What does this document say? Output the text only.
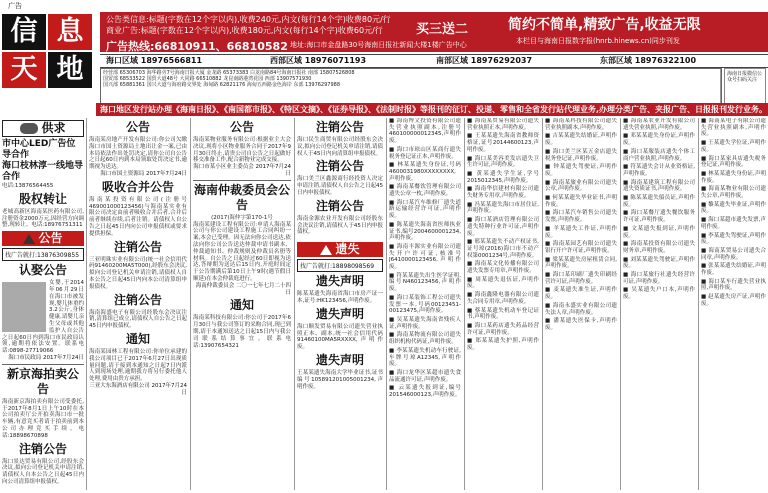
广告
信 息
天 地
公告类信息:标题(字数在12个字以内),收费240元,内文(每行14个字)收费80元/行
商业广告:标题(字数在12个字以内),收费180元,内文(每行14个字)收费60元/行
广告热线:66810911、66810582 地址:海口市金盘路30号海南日报社新闻大楼1楼广告中心
买三送二	简约不简单,精致广告,收益无限
本栏目与海南日报数字报(hnrb.hinews.cn)同步刊发
海口区域 18976566811	西部区域 18976071193	南部区域 18976292037	东部区域 18976322100
经营部 65306703 海华路旁7号海南日报大厦 金龙路 65373383 白龙南路84号海南日报社 南部 15807526808
国贸部 68533522 国贸大道48号 大同路 66510882 龙昆南路港湾花园 西部 13907571930
国兴部 65881361 国兴大道与海府路交界处 海甸路 62821176 海甸五西路金色海岸 东部 13976297988
海南日报微信公众号扫码关注
海口地区发行站办理《海南日报》、《南国都市报》、《特区文摘》、《证券导报》、《法制时报》等报刊的征订、投递、零售和全省发行站代理业务,办理分类广告、夹报广告、日报报刊发行业务。
供求
市中心LED广告位导合作
海口枝林淳一线地导合作
电话:13876564455
股权转让
老城高新区海南某医药有限公司,注册资金2000万元,因经营方向调整,现转让。电话:18976751311
公告
找广告就打:13876309855
认娶公告
女婴,于2014年06月29日在海口市被发现,婴儿体重约3.2公斤,身体健康,请婴儿亲生父母或其他监护人自公告之日起60日内到海口市民政局认领,逾期将依法安置。联系电话:0898-27719066
海口市民政局 2017年7月24日
新京海拍卖公告
海南新京海拍卖有限公司受委托,于2017年8月1日上午10时在本公司拍卖厅公开拍卖海口市一批车辆,有意竞买者请于拍卖前到本公司办理竞买手续。电话:18898670898
注销公告
海口景达贸易有限公司,经股东会决议,拟向公司登记机关申请注销,请债权人自本公告之日起45日内向公司清算组申报债权。
公告
海南某房地产开发有限公司:你公司欠缴海口市国土资源局土地出让金一案,已由本局依法作出处罚决定,请你公司自公告之日起60日内到本局领取处罚决定书,逾期视为送达。
海口市国土资源局 2017年7月24日
吸收合并公告
海南某投资有限公司(注册号469001000123456)与海南某实业有限公司决定由前者吸收合并后者,合并后前者继续存续,后者注销。请债权人自公告之日起45日内向公司申报债权或要求提供担保。
注销公告
三亚明珠实业有限公司(统一社会信用代码91460200MA5T000),经股东会决议,拟向公司登记机关申请注销,请债权人自本公告之日起45日内向本公司清算组申报债权。
注销公告
海南海盛电子有限公司经股东会决议注销,清算组已成立,请债权人自公告之日起45日内申报债权。
通知
海南某园林工程有限公司:你单位承建的我公司项目已于2017年6月27日出现质量问题,请于接到本通知之日起7日内派人到现场处理,逾期我方将另行委托他人处理,费用由贵方承担。
三亚大东海酒店有限公司 2017年7月24日
公告
海南某物业服务有限公司:根据业主大会决议,现将小区物业服务合同于2017年9月30日终止,请贵公司自公告之日起做好移交准备工作,配合新物业完成交接。
海口市某小区业主委员会 2017年7月24日
海南仲裁委员会公告
(2017)海仲字第170-1号
海南某建设工程有限公司:申请人海南某公司与你公司建设工程施工合同纠纷一案,本会已受理。因无法向你公司送达,依法向你公司公告送达仲裁申请书副本、仲裁通知书、仲裁规则及仲裁员名册等材料。自公告之日起经过60日即视为送达,答辩期为送达后15日内,开庭时间定于公告期满后第10日上午9时(遇节假日顺延)在本会仲裁庭进行。
海南仲裁委员会 二〇一七年七月二十四日
通知
海南某科技有限公司:你公司于2017年6月30日与我公司签订的采购合同,现已到期,请于本通知送达之日起15日内与我公司联系结算事宜。联系电话:13907654321
注销公告
海口民生商贸有限公司经股东会决议,拟向公司登记机关申请注销,请债权人于45日内向清算组申报债权。
注销公告
海口美兰区鑫源商行经投资人决定申请注销,请债权人自公告之日起45日内申报债权。
注销公告
海南金源农业开发有限公司经股东会决议注销,请债权人于45日内申报债权。
遗失
找广告就打:18898098569
遗失声明
陈某某遗失海南省海口市房产证一本,证号:HK123456,声明作废。
遗失声明
海口顺发贸易有限公司遗失营业执照正本、副本,统一社会信用代码91460100MA5RXXXX,声明作废。
遗失声明
王某某遗失海南大学毕业证书,证书编号105891201005001234,声明作废。
■ 海南博文投资有限公司遗失营业执照副本,注册号460100000012345,声明作废。
■ 海口市琼山区某商行遗失税务登记证正本,声明作废。
■ 林某某遗失身份证,号码4600031980XXXXXXXX,声明作废。
■ 海南某餐饮管理有限公司遗失公章一枚,声明作废。
■ 海口某汽车维修厂遗失道路运输经营许可证,声明作废。
■ 陈某遗失海南省医师执业证书,编号2004600001234,声明作废。
■ 海南丰源实业有限公司遗失开户许可证,核准号J6410000123456,声明作废。
■ 符某某遗失出生医学证明,编号N460123456,声明作废。
■ 海口某装饰工程公司遗失发票一本,号码00123451-00123475,声明作废。
■ 吴某某遗失海南省残疾人证,声明作废。
■ 海南某物流有限公司遗失组织机构代码证,声明作废。
■ 李某某遗失机动车行驶证,车牌号琼A12345,声明作废。
■ 海口龙华区某超市遗失食品流通许可证,声明作废。
■ 云某遗失报到证,编号201546000123,声明作废。
■ 海南某贸易有限公司遗失营业执照正本,声明作废。
■ 王某某遗失海南省教师资格证,证号20144600123,声明作废。
■ 海口某美容美发店遗失卫生许可证,声明作废。
■ 黄某遗失学生证,学号2015012345,声明作废。
■ 海南华信建材有限公司遗失财务专用章,声明作废。
■ 冯某某遗失海口市居住证,声明作废。
■ 海口某酒店管理有限公司遗失特种行业许可证,声明作废。
■ 邢某某遗失不动产权证书,证号琼(2016)海口市不动产权第0001234号,声明作废。
■ 海南某文化传播有限公司遗失发票专用章,声明作废。
■ 周某遗失退伍证,声明作废。
■ 海南鑫隆电器有限公司遗失合同专用章,声明作废。
■ 蔡某某遗失机动车登记证书,声明作废。
■ 海口某药店遗失药品经营许可证,声明作废。
■ 郑某某遗失护照,声明作废。
■ 海南某科技有限公司遗失营业执照副本,声明作废。
■ 吉某某遗失结婚证,声明作废。
■ 海口美兰区某五金店遗失税务登记证,声明作废。
■ 钟某遗失驾驶证,声明作废。
■ 海南某旅业有限公司遗失公章,声明作废。
■ 何某某遗失毕业证书,声明作废。
■ 海口某汽车销售公司遗失发票,声明作废。
■ 羊某遗失工作证,声明作废。
■ 海南某园艺有限公司遗失银行开户许可证,声明作废。
■ 梁某某遗失房屋租赁合同,声明作废。
■ 海口某印刷厂遗失印刷经营许可证,声明作废。
■ 麦某遗失准生证,声明作废。
■ 海南永盛实业有限公司遗失法人章,声明作废。
■ 潘某遗失医保卡,声明作废。
■ 海南某农业开发有限公司遗失营业执照,声明作废。
■ 邓某某遗失身份证,声明作废。
■ 海口某服装店遗失个体工商户营业执照,声明作废。
■ 符某遗失会计从业资格证,声明作废。
■ 海南某建筑工程有限公司遗失资质证书,声明作废。
■ 陈某某遗失船员证,声明作废。
■ 海口某餐厅遗失餐饮服务许可证,声明作废。
■ 文某遗失报到证,声明作废。
■ 海南某投资有限公司遗失财务章,声明作废。
■ 刘某某遗失驾驶证,声明作废。
■ 海口某旅行社遗失经营许可证,声明作废。
■ 吴某遗失户口本,声明作废。
■ 海南某电子有限公司遗失营业执照副本,声明作废。
■ 王某遗失学位证,声明作废。
■ 海口某家具店遗失税务登记证,声明作废。
■ 林某某遗失身份证,声明作废。
■ 海南某物业有限公司遗失公章,声明作废。
■ 黎某遗失毕业证,声明作废。
■ 海口某超市遗失发票,声明作废。
■ 李某遗失驾驶证,声明作废。
■ 海南某贸易公司遗失合同章,声明作废。
■ 张某某遗失结婚证,声明作废。
■ 海口某车行遗失营业执照,声明作废。
■ 赵某遗失房产证,声明作废。
